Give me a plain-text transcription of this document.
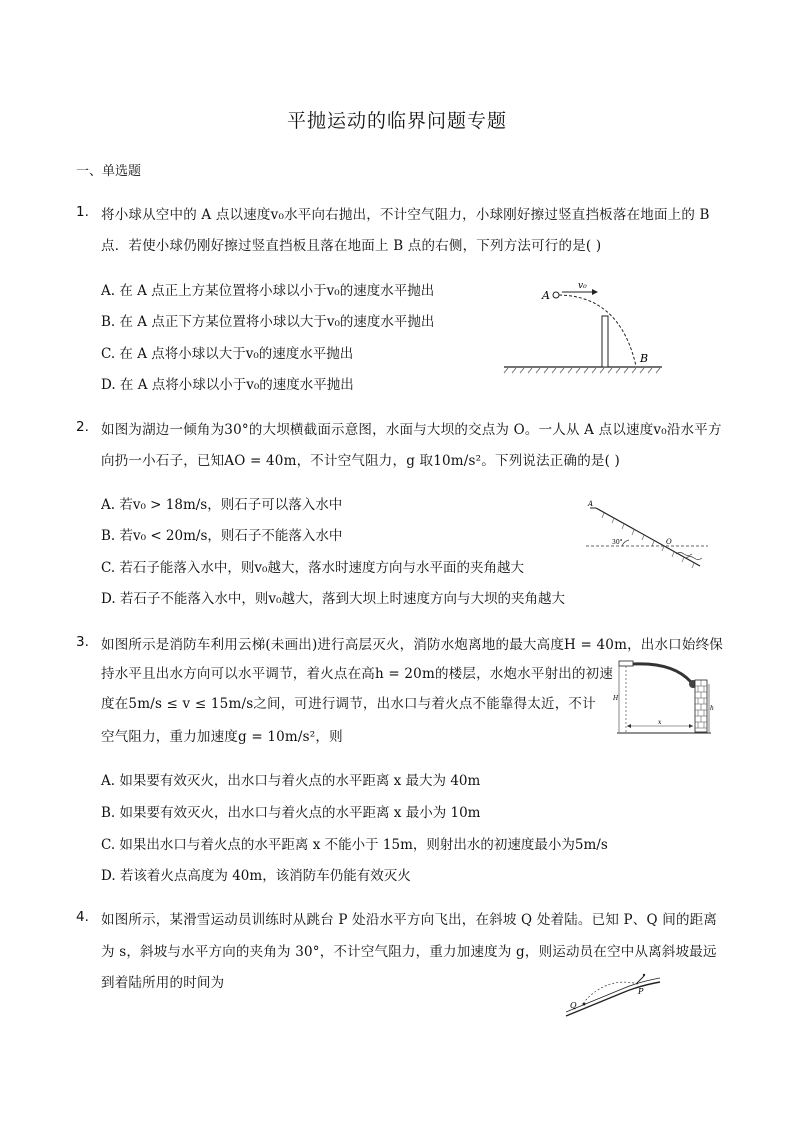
平抛运动的临界问题专题
一、单选题
1. 将小球从空中的 A 点以速度v₀水平向右抛出，不计空气阻力，小球刚好擦过竖直挡板落在地面上的 B
点．若使小球仍刚好擦过竖直挡板且落在地面上 B 点的右侧，下列方法可行的是( )
A. 在 A 点正上方某位置将小球以小于v₀的速度水平抛出
B. 在 A 点正下方某位置将小球以大于v₀的速度水平抛出
C. 在 A 点将小球以大于v₀的速度水平抛出
D. 在 A 点将小球以小于v₀的速度水平抛出
A
v₀
B
2. 如图为湖边一倾角为30°的大坝横截面示意图，水面与大坝的交点为 O。一人从 A 点以速度v₀沿水平方
向扔一小石子，已知AO = 40m，不计空气阻力，g 取10m/s²。下列说法正确的是( )
A. 若v₀ > 18m/s，则石子可以落入水中
B. 若v₀ < 20m/s，则石子不能落入水中
C. 若石子能落入水中，则v₀越大，落水时速度方向与水平面的夹角越大
D. 若石子不能落入水中，则v₀越大，落到大坝上时速度方向与大坝的夹角越大
A
30°	O
3. 如图所示是消防车利用云梯(未画出)进行高层灭火，消防水炮离地的最大高度H = 40m，出水口始终保
持水平且出水方向可以水平调节，着火点在高h = 20m的楼层，水炮水平射出的初速
度在5m/s ≤ v ≤ 15m/s之间，可进行调节，出水口与着火点不能靠得太近，不计
空气阻力，重力加速度g = 10m/s²，则
A. 如果要有效灭火，出水口与着火点的水平距离 x 最大为 40m
B. 如果要有效灭火，出水口与着火点的水平距离 x 最小为 10m
C. 如果出水口与着火点的水平距离 x 不能小于 15m，则射出水的初速度最小为5m/s
D. 若该着火点高度为 40m，该消防车仍能有效灭火
H
h
x
4. 如图所示，某滑雪运动员训练时从跳台 P 处沿水平方向飞出，在斜坡 Q 处着陆。已知 P、Q 间的距离
为 s，斜坡与水平方向的夹角为 30°，不计空气阻力，重力加速度为 g，则运动员在空中从离斜坡最远
到着陆所用的时间为
Q
P
